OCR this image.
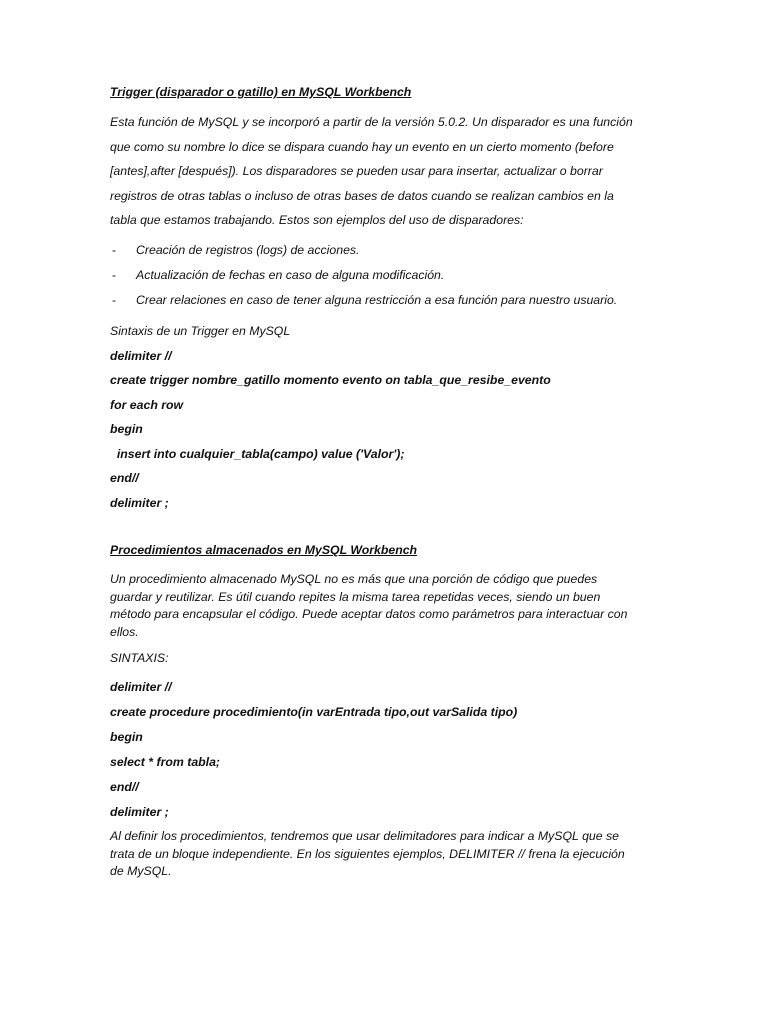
Trigger (disparador o gatillo) en MySQL Workbench
Esta función de MySQL y se incorporó a partir de la versión 5.0.2. Un disparador es una función
que como su nombre lo dice se dispara cuando hay un evento en un cierto momento (before
[antes],after [después]). Los disparadores se pueden usar para insertar, actualizar o borrar
registros de otras tablas o incluso de otras bases de datos cuando se realizan cambios en la
tabla que estamos trabajando. Estos son ejemplos del uso de disparadores:
- Creación de registros (logs) de acciones.
- Actualización de fechas en caso de alguna modificación.
- Crear relaciones en caso de tener alguna restricción a esa función para nuestro usuario.
Sintaxis de un Trigger en MySQL
delimiter //
create trigger nombre_gatillo momento evento on tabla_que_resibe_evento
for each row
begin
insert into cualquier_tabla(campo) value ('Valor');
end//
delimiter ;
Procedimientos almacenados en MySQL Workbench
Un procedimiento almacenado MySQL no es más que una porción de código que puedes
guardar y reutilizar. Es útil cuando repites la misma tarea repetidas veces, siendo un buen
método para encapsular el código. Puede aceptar datos como parámetros para interactuar con
ellos.
SINTAXIS:
delimiter //
create procedure procedimiento(in varEntrada tipo,out varSalida tipo)
begin
select * from tabla;
end//
delimiter ;
Al definir los procedimientos, tendremos que usar delimitadores para indicar a MySQL que se
trata de un bloque independiente. En los siguientes ejemplos, DELIMITER // frena la ejecución
de MySQL.
